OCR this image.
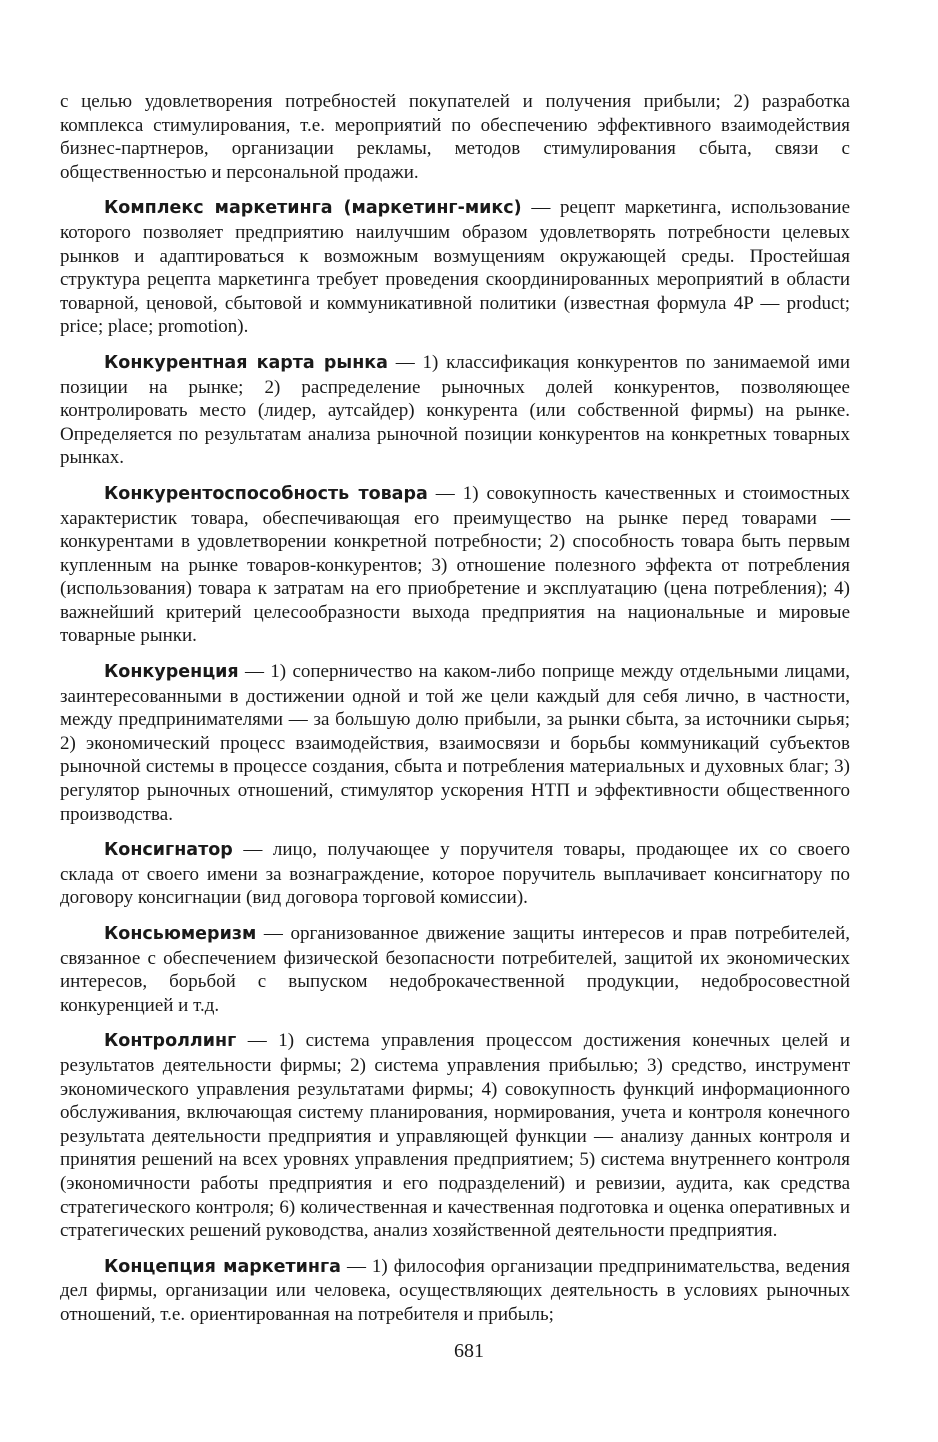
с целью удовлетворения потребностей покупателей и получения прибыли; 2) разработка комплекса стимулирования, т.е. мероприятий по обеспечению эффективного взаимодействия бизнес-партнеров, организации рекламы, методов стимулирования сбыта, связи с общественностью и персональной продажи.

Комплекс маркетинга (маркетинг-микс) — рецепт маркетинга, использование которого позволяет предприятию наилучшим образом удовлетворять потребности целевых рынков и адаптироваться к возможным возмущениям окружающей среды. Простейшая структура рецепта маркетинга требует проведения скоординированных мероприятий в области товарной, ценовой, сбытовой и коммуникативной политики (известная формула 4P — product; price; place; promotion).

Конкурентная карта рынка — 1) классификация конкурентов по занимаемой ими позиции на рынке; 2) распределение рыночных долей конкурентов, позволяющее контролировать место (лидер, аутсайдер) конкурента (или собственной фирмы) на рынке. Определяется по результатам анализа рыночной позиции конкурентов на конкретных товарных рынках.

Конкурентоспособность товара — 1) совокупность качественных и стоимостных характеристик товара, обеспечивающая его преимущество на рынке перед товарами — конкурентами в удовлетворении конкретной потребности; 2) способность товара быть первым купленным на рынке товаров-конкурентов; 3) отношение полезного эффекта от потребления (использования) товара к затратам на его приобретение и эксплуатацию (цена потребления); 4) важнейший критерий целесообразности выхода предприятия на национальные и мировые товарные рынки.

Конкуренция — 1) соперничество на каком-либо поприще между отдельными лицами, заинтересованными в достижении одной и той же цели каждый для себя лично, в частности, между предпринимателями — за большую долю прибыли, за рынки сбыта, за источники сырья; 2) экономический процесс взаимодействия, взаимосвязи и борьбы коммуникаций субъектов рыночной системы в процессе создания, сбыта и потребления материальных и духовных благ; 3) регулятор рыночных отношений, стимулятор ускорения НТП и эффективности общественного производства.

Консигнатор — лицо, получающее у поручителя товары, продающее их со своего склада от своего имени за вознаграждение, которое поручитель выплачивает консигнатору по договору консигнации (вид договора торговой комиссии).

Консьюмеризм — организованное движение защиты интересов и прав потребителей, связанное с обеспечением физической безопасности потребителей, защитой их экономических интересов, борьбой с выпуском недоброкачественной продукции, недобросовестной конкуренцией и т.д.

Контроллинг — 1) система управления процессом достижения конечных целей и результатов деятельности фирмы; 2) система управления прибылью; 3) средство, инструмент экономического управления результатами фирмы; 4) совокупность функций информационного обслуживания, включающая систему планирования, нормирования, учета и контроля конечного результата деятельности предприятия и управляющей функции — анализу данных контроля и принятия решений на всех уровнях управления предприятием; 5) система внутреннего контроля (экономичности работы предприятия и его подразделений) и ревизии, аудита, как средства стратегического контроля; 6) количественная и качественная подготовка и оценка оперативных и стратегических решений руководства, анализ хозяйственной деятельности предприятия.

Концепция маркетинга — 1) философия организации предпринимательства, ведения дел фирмы, организации или человека, осуществляющих деятельность в условиях рыночных отношений, т.е. ориентированная на потребителя и прибыль;

681
